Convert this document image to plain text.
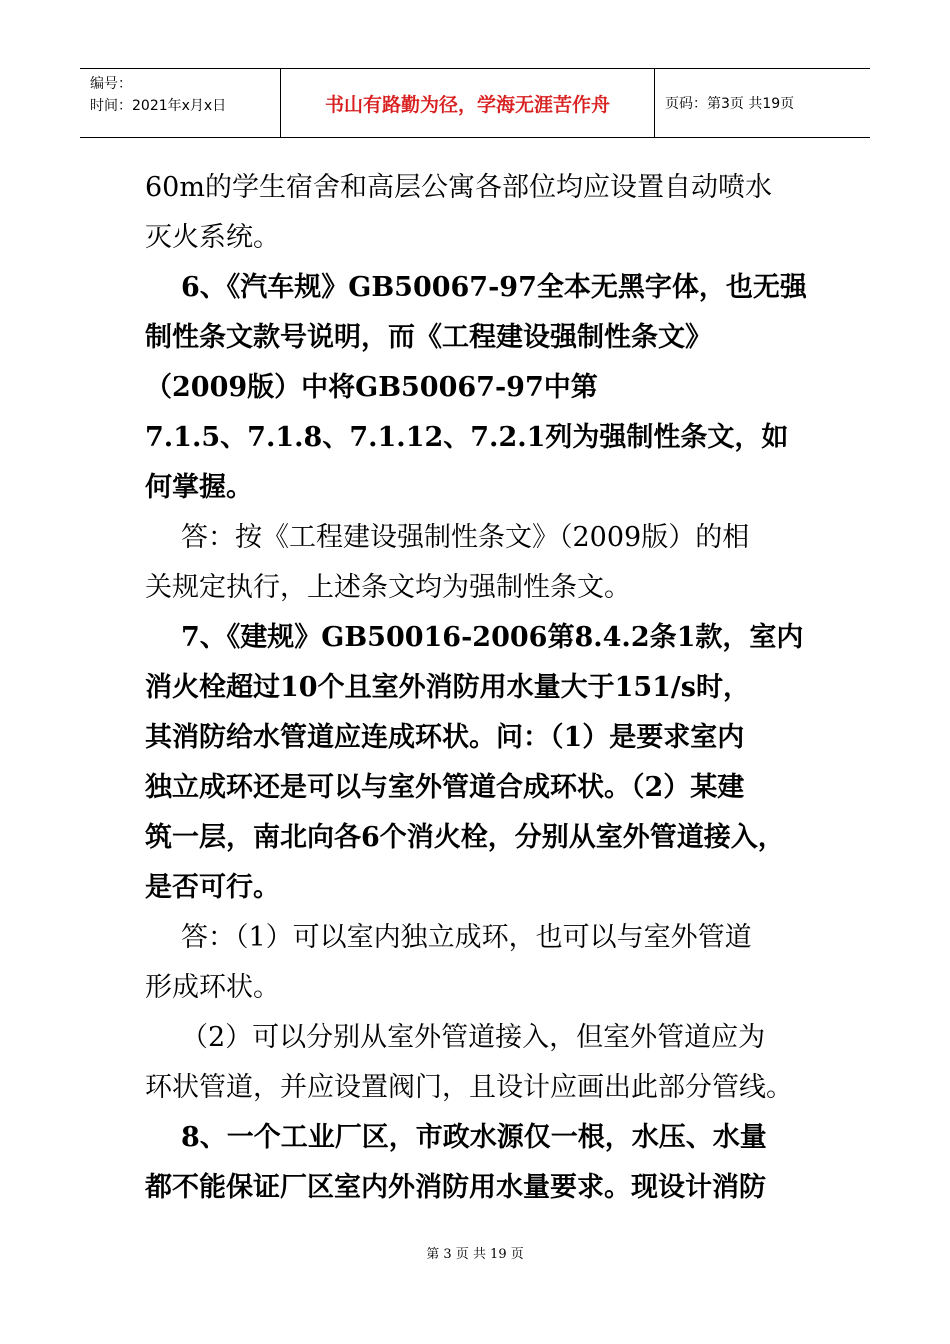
编号：
时间：2021年x月x日	书山有路勤为径，学海无涯苦作舟	页码：第3页 共19页
60m的学生宿舍和高层公寓各部位均应设置自动喷水
灭火系统。
6、《汽车规》GB50067-97全本无黑字体，也无强
制性条文款号说明，而《工程建设强制性条文》
（2009版）中将GB50067-97中第
7.1.5、7.1.8、7.1.12、7.2.1列为强制性条文，如
何掌握。
答：按《工程建设强制性条文》（2009版）的相
关规定执行，上述条文均为强制性条文。
7、《建规》GB50016-2006第8.4.2条1款，室内
消火栓超过10个且室外消防用水量大于151/s时，
其消防给水管道应连成环状。问：（1）是要求室内
独立成环还是可以与室外管道合成环状。（2）某建
筑一层，南北向各6个消火栓，分别从室外管道接入，
是否可行。
答：（1）可以室内独立成环，也可以与室外管道
形成环状。
（2）可以分别从室外管道接入，但室外管道应为
环状管道，并应设置阀门，且设计应画出此部分管线。
8、一个工业厂区，市政水源仅一根，水压、水量
都不能保证厂区室内外消防用水量要求。现设计消防
第 3 页 共 19 页
